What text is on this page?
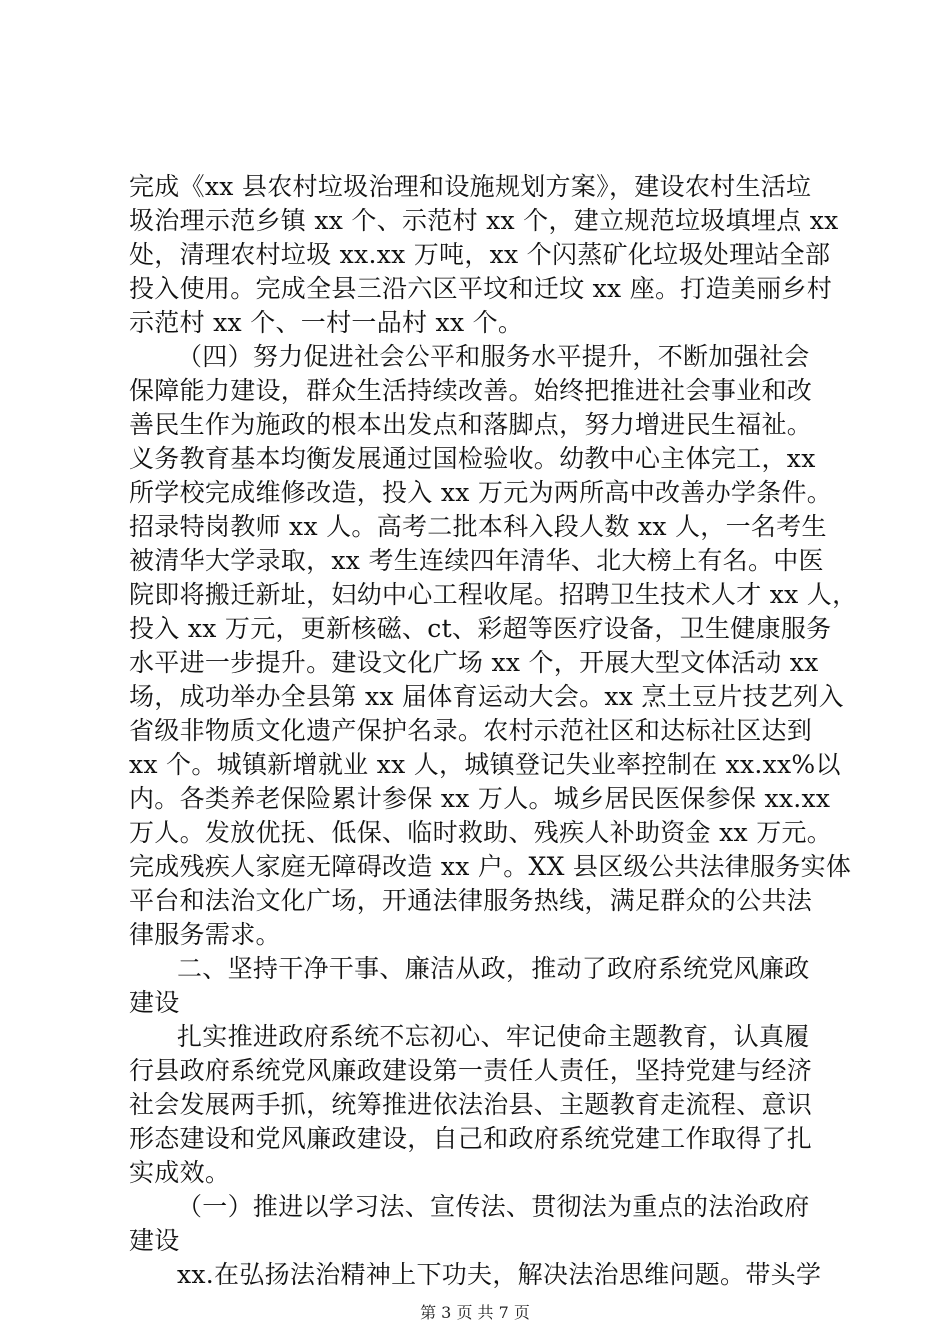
完成《xx 县农村垃圾治理和设施规划方案》，建设农村生活垃
圾治理示范乡镇 xx 个、示范村 xx 个，建立规范垃圾填埋点 xx
处，清理农村垃圾 xx.xx 万吨，xx 个闪蒸矿化垃圾处理站全部
投入使用。完成全县三沿六区平坟和迁坟 xx 座。打造美丽乡村
示范村 xx 个、一村一品村 xx 个。
（四）努力促进社会公平和服务水平提升，不断加强社会
保障能力建设，群众生活持续改善。始终把推进社会事业和改
善民生作为施政的根本出发点和落脚点，努力增进民生福祉。
义务教育基本均衡发展通过国检验收。幼教中心主体完工，xx
所学校完成维修改造，投入 xx 万元为两所高中改善办学条件。
招录特岗教师 xx 人。高考二批本科入段人数 xx 人，一名考生
被清华大学录取，xx 考生连续四年清华、北大榜上有名。中医
院即将搬迁新址，妇幼中心工程收尾。招聘卫生技术人才 xx 人，
投入 xx 万元，更新核磁、ct、彩超等医疗设备，卫生健康服务
水平进一步提升。建设文化广场 xx 个，开展大型文体活动 xx
场，成功举办全县第 xx 届体育运动大会。xx 烹土豆片技艺列入
省级非物质文化遗产保护名录。农村示范社区和达标社区达到
xx 个。城镇新增就业 xx 人，城镇登记失业率控制在 xx.xx%以
内。各类养老保险累计参保 xx 万人。城乡居民医保参保 xx.xx
万人。发放优抚、低保、临时救助、残疾人补助资金 xx 万元。
完成残疾人家庭无障碍改造 xx 户。XX 县区级公共法律服务实体
平台和法治文化广场，开通法律服务热线，满足群众的公共法
律服务需求。
二、坚持干净干事、廉洁从政，推动了政府系统党风廉政
建设
扎实推进政府系统不忘初心、牢记使命主题教育，认真履
行县政府系统党风廉政建设第一责任人责任，坚持党建与经济
社会发展两手抓，统筹推进依法治县、主题教育走流程、意识
形态建设和党风廉政建设，自己和政府系统党建工作取得了扎
实成效。
（一）推进以学习法、宣传法、贯彻法为重点的法治政府
建设
xx.在弘扬法治精神上下功夫，解决法治思维问题。带头学
第 3 页 共 7 页
